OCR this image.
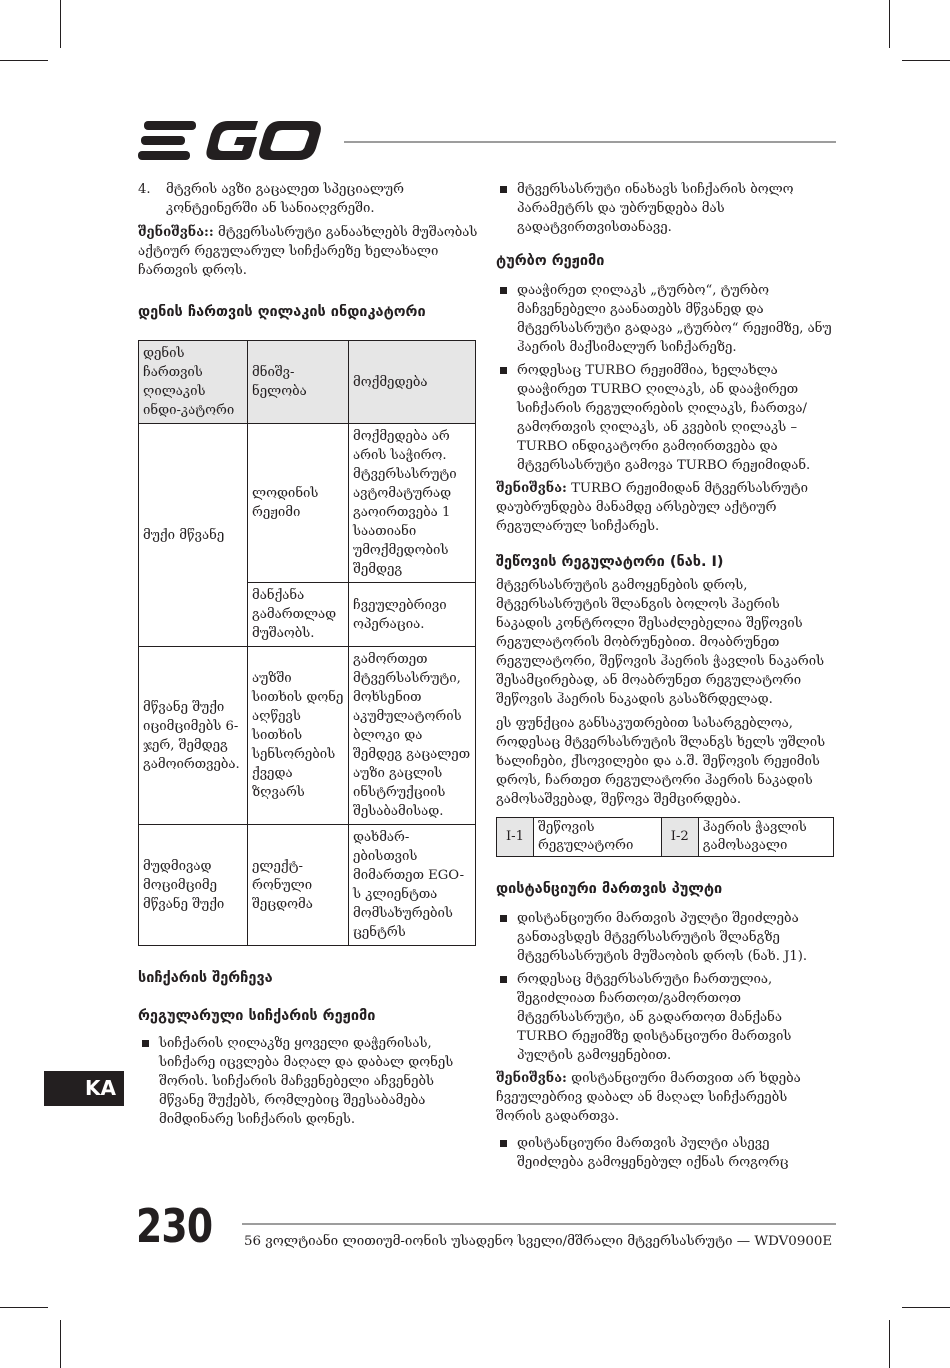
4.	მტვრის ავზი გაცალეთ სპეციალურ კონტეინერში ან სანიაღვრეში.
შენიშვნა:: მტვერსასრუტი განაახლებს მუშაობას აქტიურ რეგულარულ სიჩქარეზე ხელახალი ჩართვის დროს.
დენის ჩართვის ღილაკის ინდიკატორი
დენის ჩართვის ღილაკის ინდი-კატორი	მნიშვ-ნელობა	მოქმედება
მუქი მწვანე	ლოდინის რეჟიმი	მოქმედება არ არის საჭირო. მტვერსასრუტი ავტომატურად გაოირთვება 1 საათიანი უმოქმედობის შემდეგ
	მანქანა გამართლად მუშაობს.	ჩვეულებრივი ოპერაცია.
მწვანე შუქი იციმციმებს 6-ჯერ, შემდეგ გამოირთვება.	აუზში სითხის დონე აღწევს სითხის სენსორების ქვედა ზღვარს	გამორთეთ მტვერსასრუტი, მოხსენით აკუმულატორის ბლოკი და შემდეგ გაცალეთ აუზი გაცლის ინსტრუქციის შესაბამისად.
მუდმივად მოციმციმე მწვანე შუქი	ელექტ-რონული შეცდომა	დახმარ-ებისთვის მიმართეთ EGO-ს კლიენტთა მომსახურების ცენტრს
სიჩქარის შერჩევა
რეგულარული სიჩქარის რეჟიმი
სიჩქარის ღილაკზე ყოველი დაჭერისას, სიჩქარე იცვლება მაღალ და დაბალ დონეს შორის. სიჩქარის მაჩვენებელი აჩვენებს მწვანე შუქებს, რომლებიც შეესაბამება მიმდინარე სიჩქარის დონეს.
მტვერსასრუტი ინახავს სიჩქარის ბოლო პარამეტრს და უბრუნდება მას გადატვირთვისთანავე.
ტურბო რეჟიმი
დააჭირეთ ღილაკს „ტურბო“, ტურბო მაჩვენებელი გაანათებს მწვანედ და მტვერსასრუტი გადავა „ტურბო“ რეჟიმზე, ანუ ჰაერის მაქსიმალურ სიჩქარეზე.
როდესაც TURBO რეჟიმშია, ხელახლა დააჭირეთ TURBO ღილაკს, ან დააჭირეთ სიჩქარის რეგულირების ღილაკს, ჩართვა/ გამორთვის ღილაკს, ან კვების ღილაკს – TURBO ინდიკატორი გამოირთვება და მტვერსასრუტი გამოვა TURBO რეჟიმიდან.
შენიშვნა: TURBO რეჟიმიდან მტვერსასრუტი დაუბრუნდება მანამდე არსებულ აქტიურ რეგულარულ სიჩქარეს.
შეწოვის რეგულატორი (ნახ. I)
მტვერსასრუტის გამოყენების დროს, მტვერსასრუტის შლანგის ბოლოს ჰაერის ნაკადის კონტროლი შესაძლებელია შეწოვის რეგულატორის მობრუნებით. მოაბრუნეთ რეგულატორი, შეწოვის ჰაერის ჭავლის ნაკარის შესამცირებად, ან მოაბრუნეთ რეგულატორი შეწოვის ჰაერის ნაკადის გასაზრდელად.
ეს ფუნქცია განსაკუთრებით სასარგებლოა, როდესაც მტვერსასრუტის შლანგს ხელს უშლის ხალიჩები, ქსოვილები და ა.შ. შეწოვის რეჟიმის დროს, ჩართეთ რეგულატორი ჰაერის ნაკადის გამოსაშვებად, შეწოვა შემცირდება.
I-1	შეწოვის რეგულატორი	I-2	ჰაერის ჭავლის გამოსავალი
დისტანციური მართვის პულტი
დისტანციური მართვის პულტი შეიძლება განთავსდეს მტვერსასრუტის შლანგზე მტვერსასრუტის მუშაობის დროს (ნახ. J1).
როდესაც მტვერსასრუტი ჩართულია, შეგიძლიათ ჩართოთ/გამორთოთ მტვერსასრუტი, ან გადართოთ მანქანა TURBO რეჟიმზე დისტანციური მართვის პულტის გამოყენებით.
შენიშვნა: დისტანციური მართვით არ ხდება ჩვეულებრივ დაბალ ან მაღალ სიჩქარეებს შორის გადართვა.
დისტანციური მართვის პულტი ასევე შეიძლება გამოყენებულ იქნას როგორც
KA
230 56 ვოლტიანი ლითიუმ-იონის უსადენო სველი/მშრალი მტვერსასრუტი — WDV0900E
